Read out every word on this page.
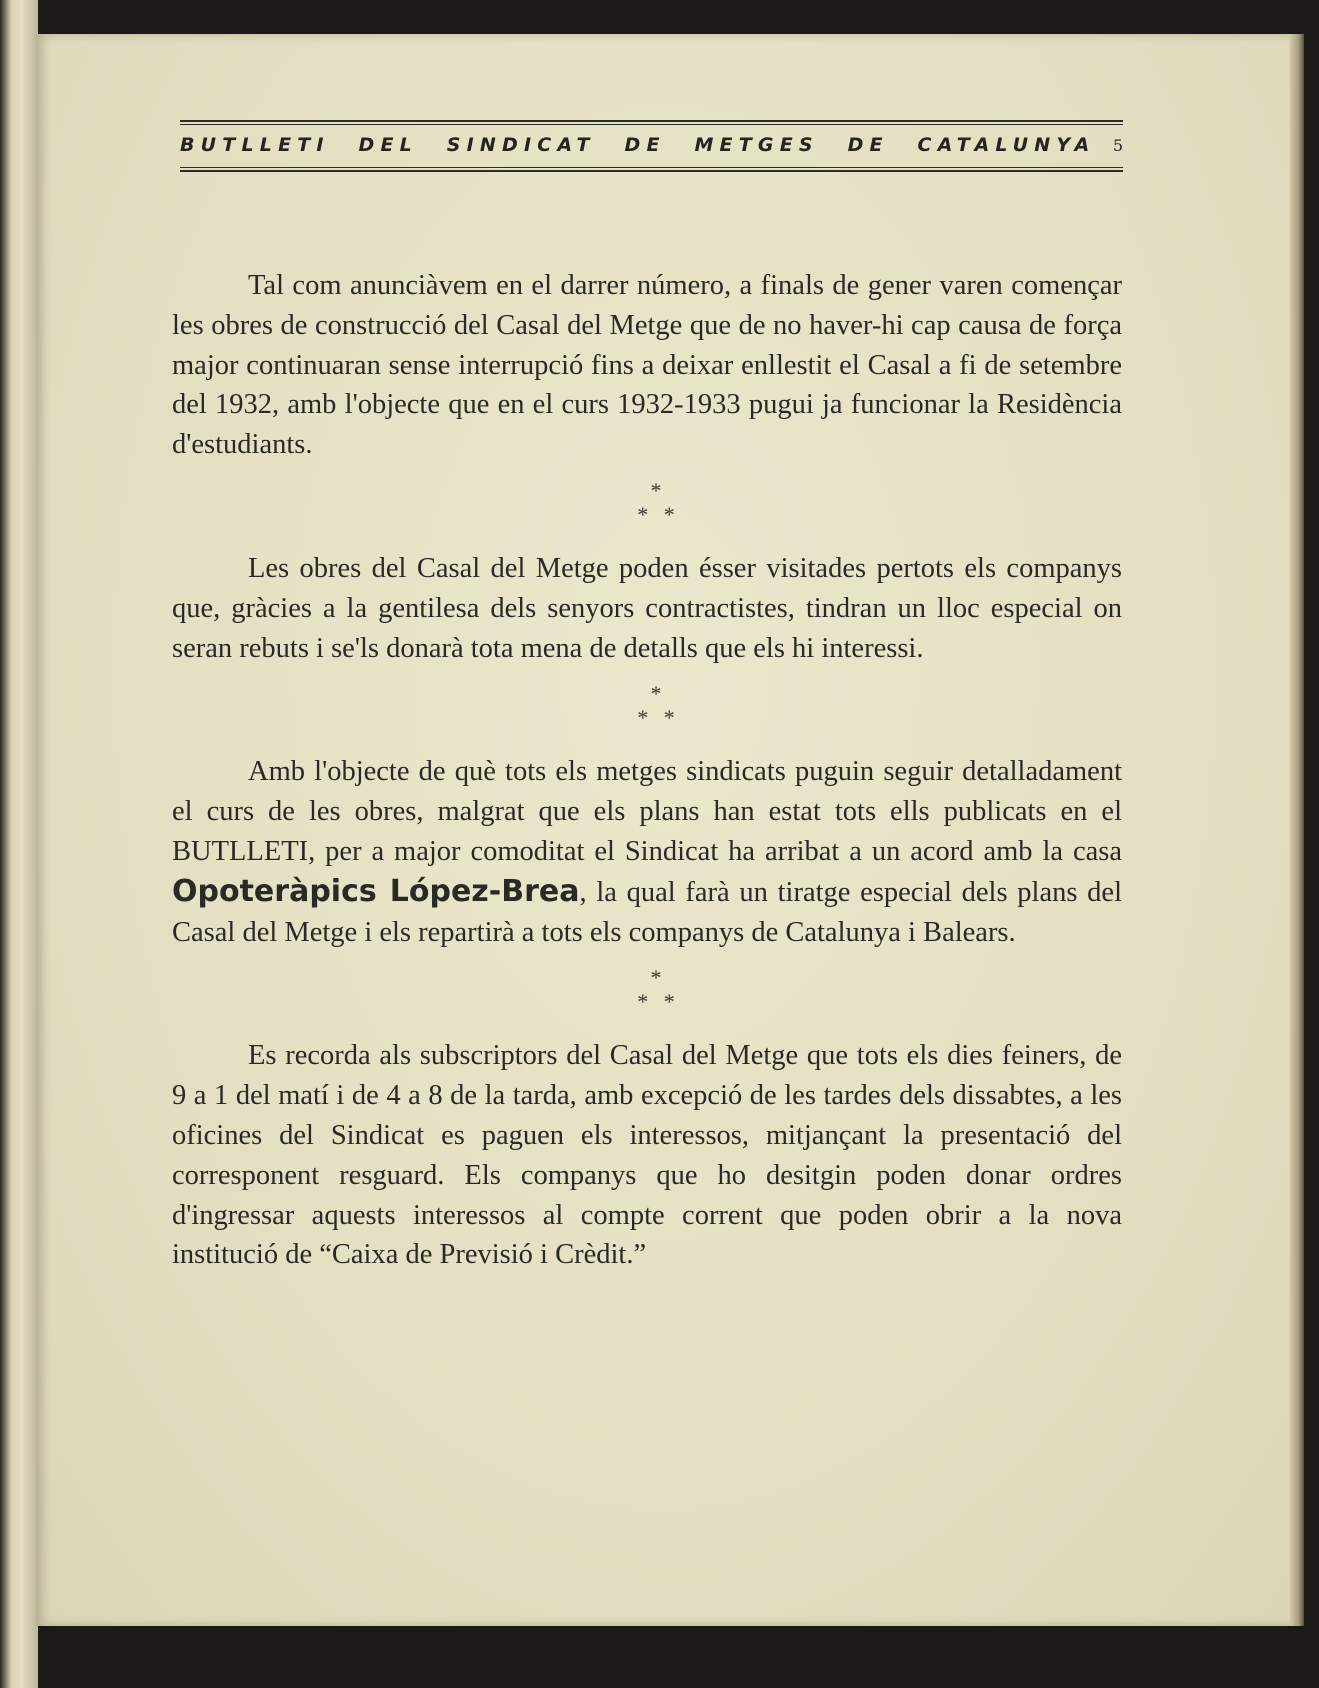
BUTLLETI DEL SINDICAT DE METGES DE CATALUNYA 5

Tal com anunciàvem en el darrer número, a finals de gener varen començar les obres de construcció del Casal del Metge que de no haver-hi cap causa de força major continuaran sense interrupció fins a deixar enllestit el Casal a fi de setembre del 1932, amb l'objecte que en el curs 1932-1933 pugui ja funcionar la Residència d'estudiants.

*
* *

Les obres del Casal del Metge poden ésser visitades pertots els companys que, gràcies a la gentilesa dels senyors contractistes, tindran un lloc especial on seran rebuts i se'ls donarà tota mena de detalls que els hi interessi.

*
* *

Amb l'objecte de què tots els metges sindicats puguin seguir detalladament el curs de les obres, malgrat que els plans han estat tots ells publicats en el BUTLLETI, per a major comoditat el Sindicat ha arribat a un acord amb la casa Opoteràpics López-Brea, la qual farà un tiratge especial dels plans del Casal del Metge i els repartirà a tots els companys de Catalunya i Balears.

*
* *

Es recorda als subscriptors del Casal del Metge que tots els dies feiners, de 9 a 1 del matí i de 4 a 8 de la tarda, amb excepció de les tardes dels dissabtes, a les oficines del Sindicat es paguen els interessos, mitjançant la presentació del corresponent resguard. Els companys que ho desitgin poden donar ordres d'ingressar aquests interessos al compte corrent que poden obrir a la nova institució de “Caixa de Previsió i Crèdit.”
